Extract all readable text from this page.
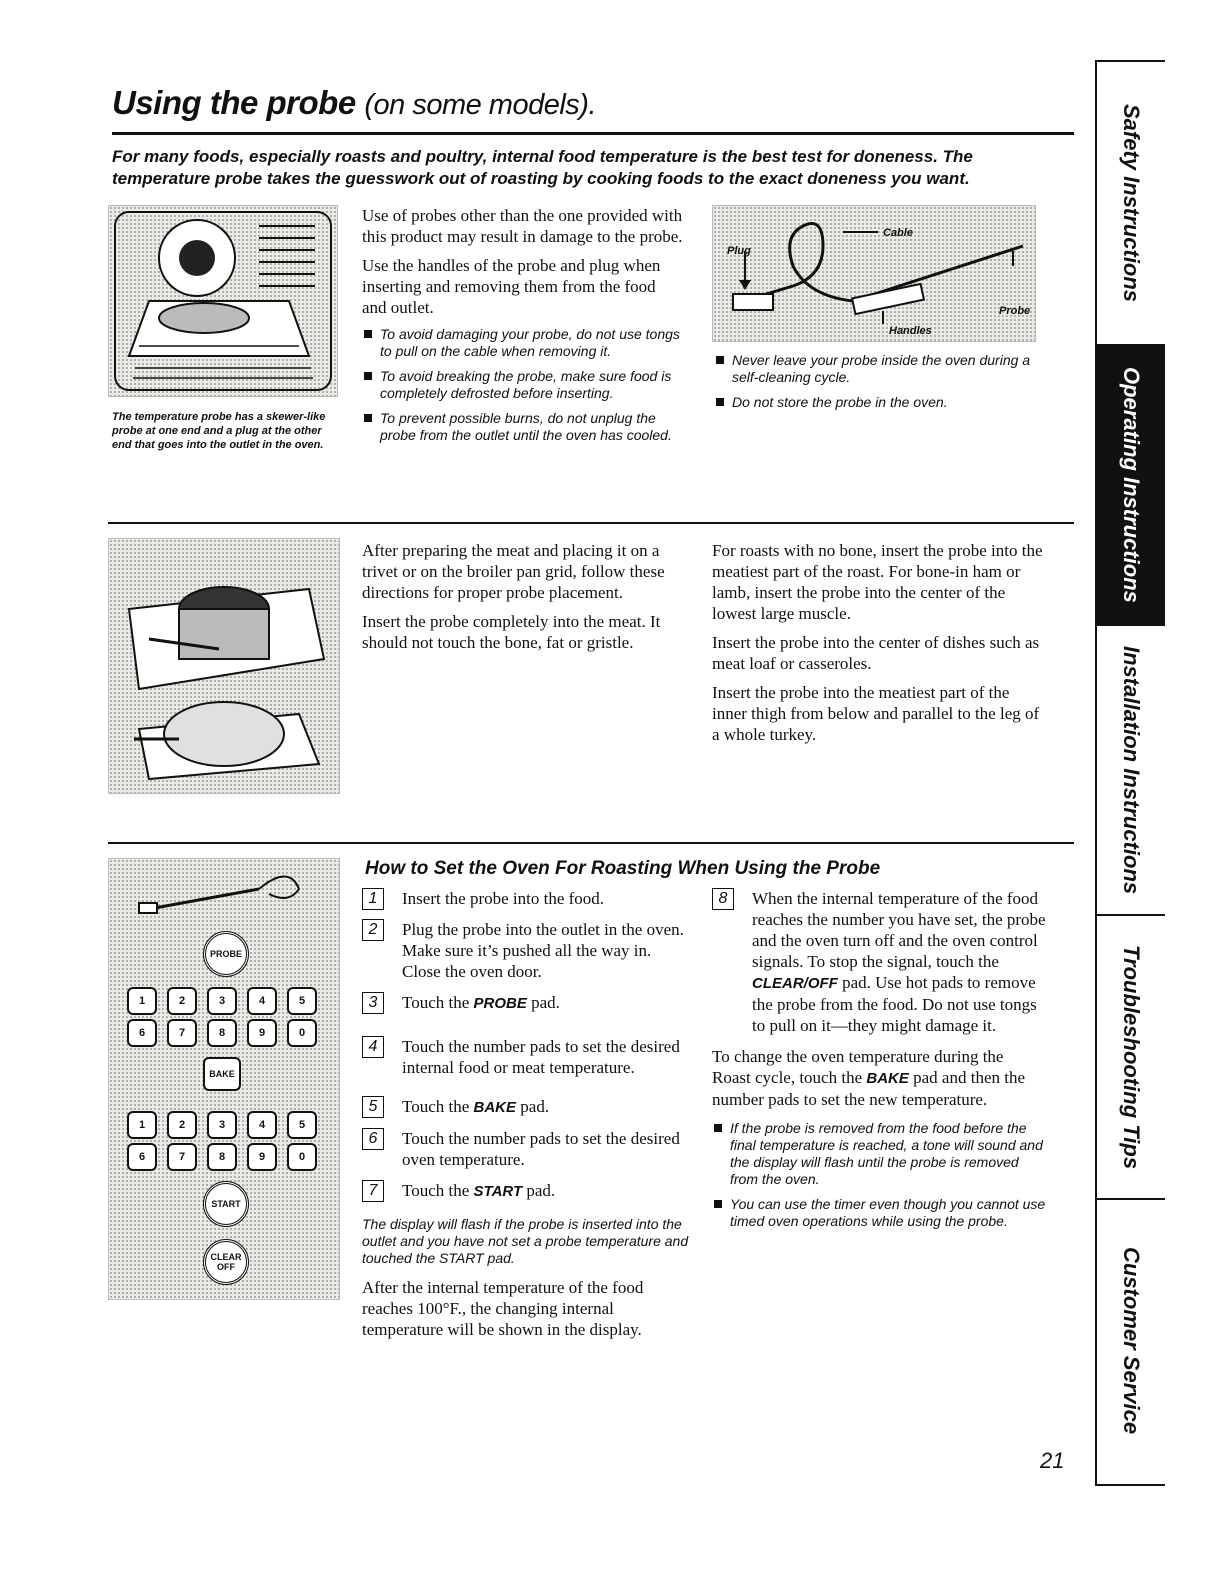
Using the probe (on some models).
For many foods, especially roasts and poultry, internal food temperature is the best test for doneness. The temperature probe takes the guesswork out of roasting by cooking foods to the exact doneness you want.
The temperature probe has a skewer-like probe at one end and a plug at the other end that goes into the outlet in the oven.

Use of probes other than the one provided with this product may result in damage to the probe.

Use the handles of the probe and plug when inserting and removing them from the food and outlet.

To avoid damaging your probe, do not use tongs to pull on the cable when removing it.
To avoid breaking the probe, make sure food is completely defrosted before inserting.
To prevent possible burns, do not unplug the probe from the outlet until the oven has cooled.
Plug
Cable
Probe
Handles
Never leave your probe inside the oven during a self-cleaning cycle.
Do not store the probe in the oven.

After preparing the meat and placing it on a trivet or on the broiler pan grid, follow these directions for proper probe placement.

Insert the probe completely into the meat. It should not touch the bone, fat or gristle.

For roasts with no bone, insert the probe into the meatiest part of the roast. For bone-in ham or lamb, insert the probe into the center of the lowest large muscle.

Insert the probe into the center of dishes such as meat loaf or casseroles.

Insert the probe into the meatiest part of the inner thigh from below and parallel to the leg of a whole turkey.

PROBE
1	2	3	4	5
6	7	8	9	0
BAKE
1	2	3	4	5
6	7	8	9	0
START
CLEAR
OFF
How to Set the Oven For Roasting When Using the Probe
1	Insert the probe into the food.
2	Plug the probe into the outlet in the oven. Make sure it’s pushed all the way in. Close the oven door.
3	Touch the PROBE pad.
4	Touch the number pads to set the desired internal food or meat temperature.
5	Touch the BAKE pad.
6	Touch the number pads to set the desired oven temperature.
7	Touch the START pad.
The display will flash if the probe is inserted into the outlet and you have not set a probe temperature and touched the START pad.
After the internal temperature of the food reaches 100°F., the changing internal temperature will be shown in the display.
8	When the internal temperature of the food reaches the number you have set, the probe and the oven turn off and the oven control signals. To stop the signal, touch the CLEAR/OFF pad. Use hot pads to remove the probe from the food. Do not use tongs to pull on it—they might damage it.
To change the oven temperature during the Roast cycle, touch the BAKE pad and then the number pads to set the new temperature.
If the probe is removed from the food before the final temperature is reached, a tone will sound and the display will flash until the probe is removed from the oven.
You can use the timer even though you cannot use timed oven operations while using the probe.
Safety Instructions
Operating Instructions
Installation Instructions
Troubleshooting Tips
Customer Service
21
